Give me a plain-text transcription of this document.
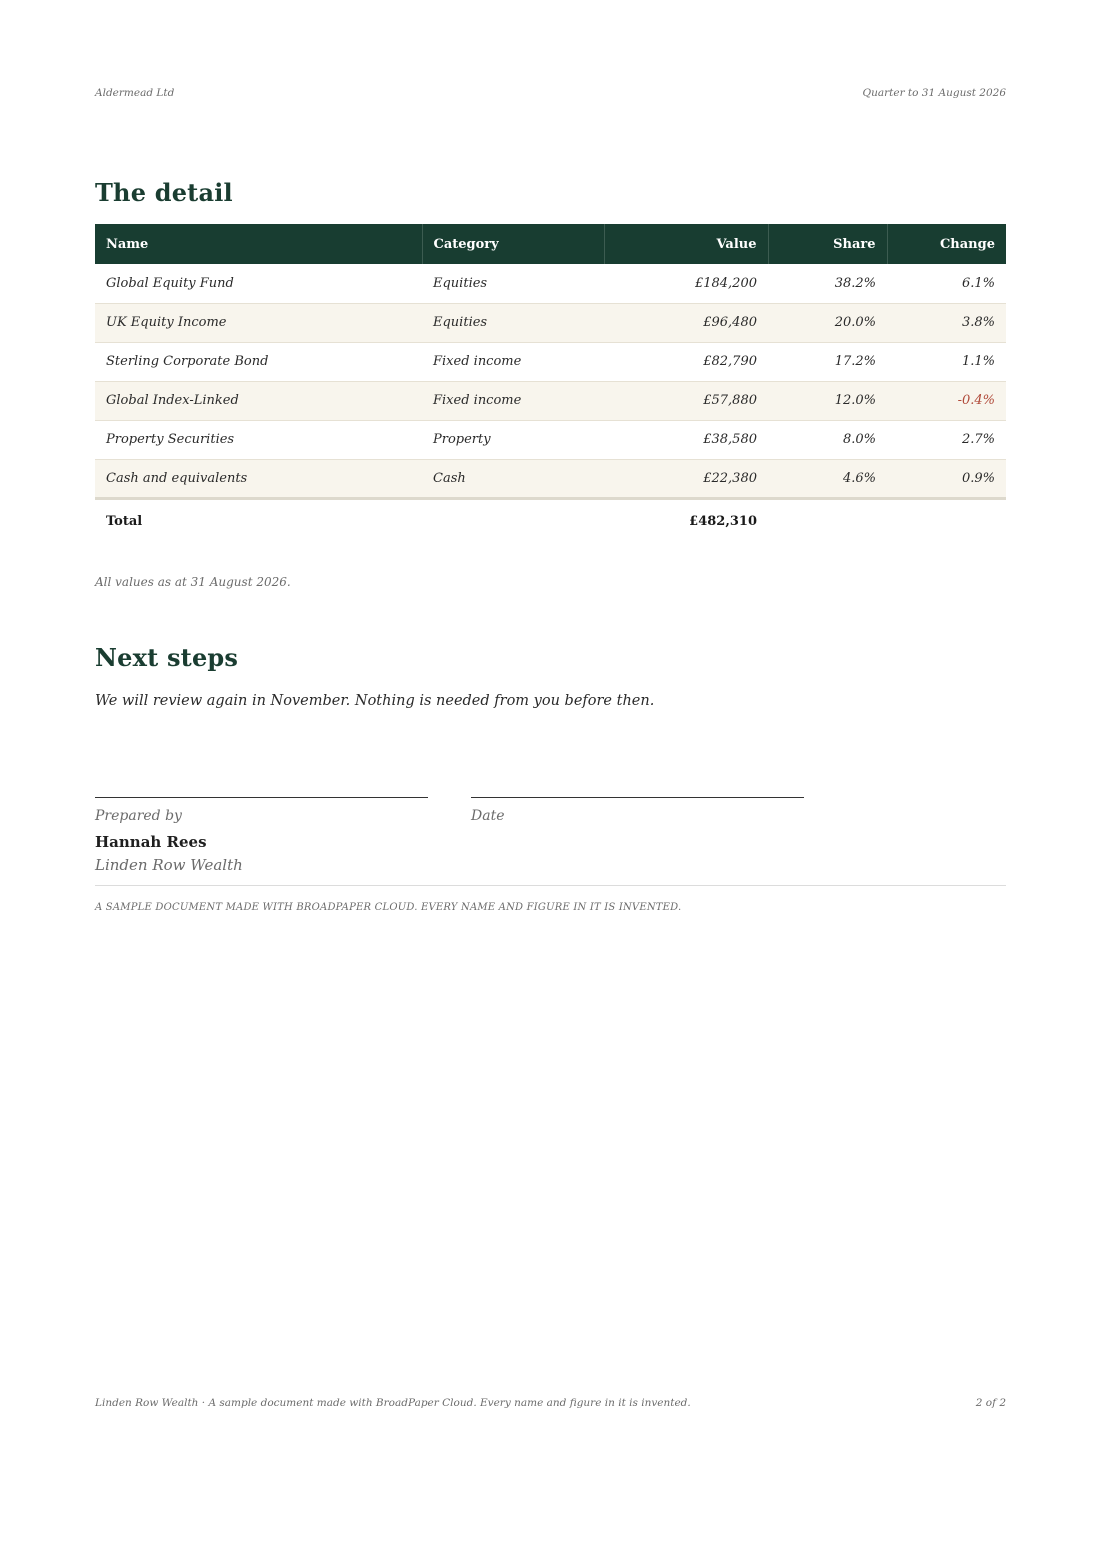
Aldermead Ltd	Quarter to 31 August 2026
The detail
Name	Category	Value	Share	Change
Global Equity Fund	Equities	£184,200	38.2%	6.1%
UK Equity Income	Equities	£96,480	20.0%	3.8%
Sterling Corporate Bond	Fixed income	£82,790	17.2%	1.1%
Global Index-Linked	Fixed income	£57,880	12.0%	-0.4%
Property Securities	Property	£38,580	8.0%	2.7%
Cash and equivalents	Cash	£22,380	4.6%	0.9%
Total		£482,310		

All values as at 31 August 2026.

Next steps

We will review again in November. Nothing is needed from you before then.

Prepared by	Date
Hannah Rees
Linden Row Wealth

A SAMPLE DOCUMENT MADE WITH BROADPAPER CLOUD. EVERY NAME AND FIGURE IN IT IS INVENTED.

Linden Row Wealth · A sample document made with BroadPaper Cloud. Every name and figure in it is invented.	2 of 2
